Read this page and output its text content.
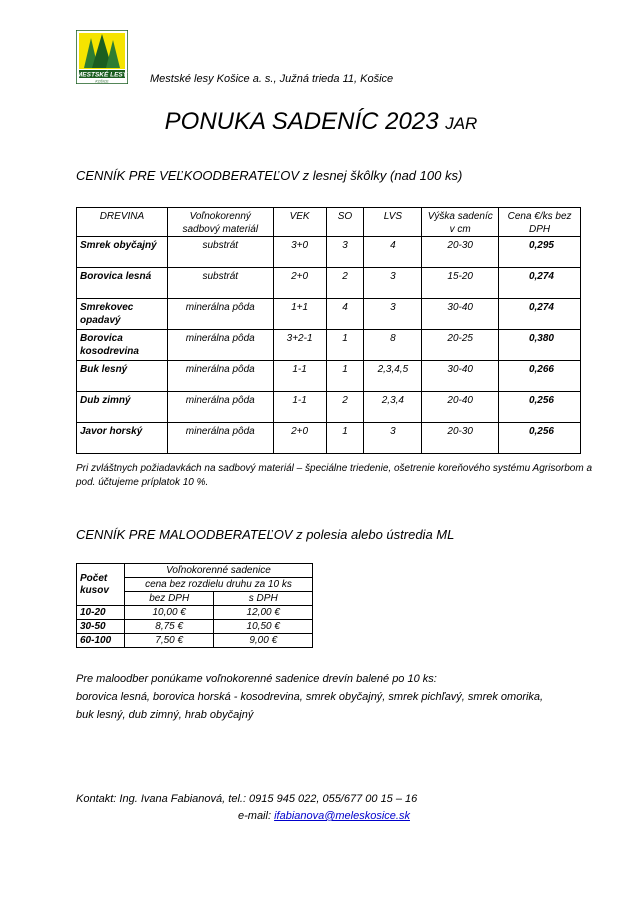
MESTSKÉ LESY
KOŠICE	Mestské lesy Košice a. s., Južná trieda 11, Košice
PONUKA SADENÍC 2023 JAR
CENNÍK PRE VEĽKOODBERATEĽOV z lesnej škôlky (nad 100 ks)
DREVINA	Voľnokorenný sadbový materiál	VEK	SO	LVS	Výška sadeníc v cm	Cena €/ks bez DPH
Smrek obyčajný	substrát	3+0	3	4	20-30	0,295
Borovica lesná	substrát	2+0	2	3	15-20	0,274
Smrekovec opadavý	minerálna pôda	1+1	4	3	30-40	0,274
Borovica kosodrevina	minerálna pôda	3+2-1	1	8	20-25	0,380
Buk lesný	minerálna pôda	1-1	1	2,3,4,5	30-40	0,266
Dub zimný	minerálna pôda	1-1	2	2,3,4	20-40	0,256
Javor horský	minerálna pôda	2+0	1	3	20-30	0,256
Pri zvláštnych požiadavkách na sadbový materiál – špeciálne triedenie, ošetrenie koreňového systému Agrisorbom a pod. účtujeme príplatok 10 %.
CENNÍK PRE MALOODBERATEĽOV z polesia alebo ústredia ML
Počet kusov	Voľnokorenné sadenice	
	cena bez rozdielu druhu za 10 ks	
	bez DPH	s DPH
10-20	10,00 €	12,00 €
30-50	8,75 €	10,50 €
60-100	7,50 €	9,00 €
Pre maloodber ponúkame voľnokorenné sadenice drevín balené po 10 ks:
borovica lesná, borovica horská - kosodrevina, smrek obyčajný, smrek pichľavý, smrek omorika, buk lesný, dub zimný, hrab obyčajný
Kontakt: Ing. Ivana Fabianová, tel.: 0915 945 022, 055/677 00 15 – 16
e-mail: ifabianova@meleskosice.sk
